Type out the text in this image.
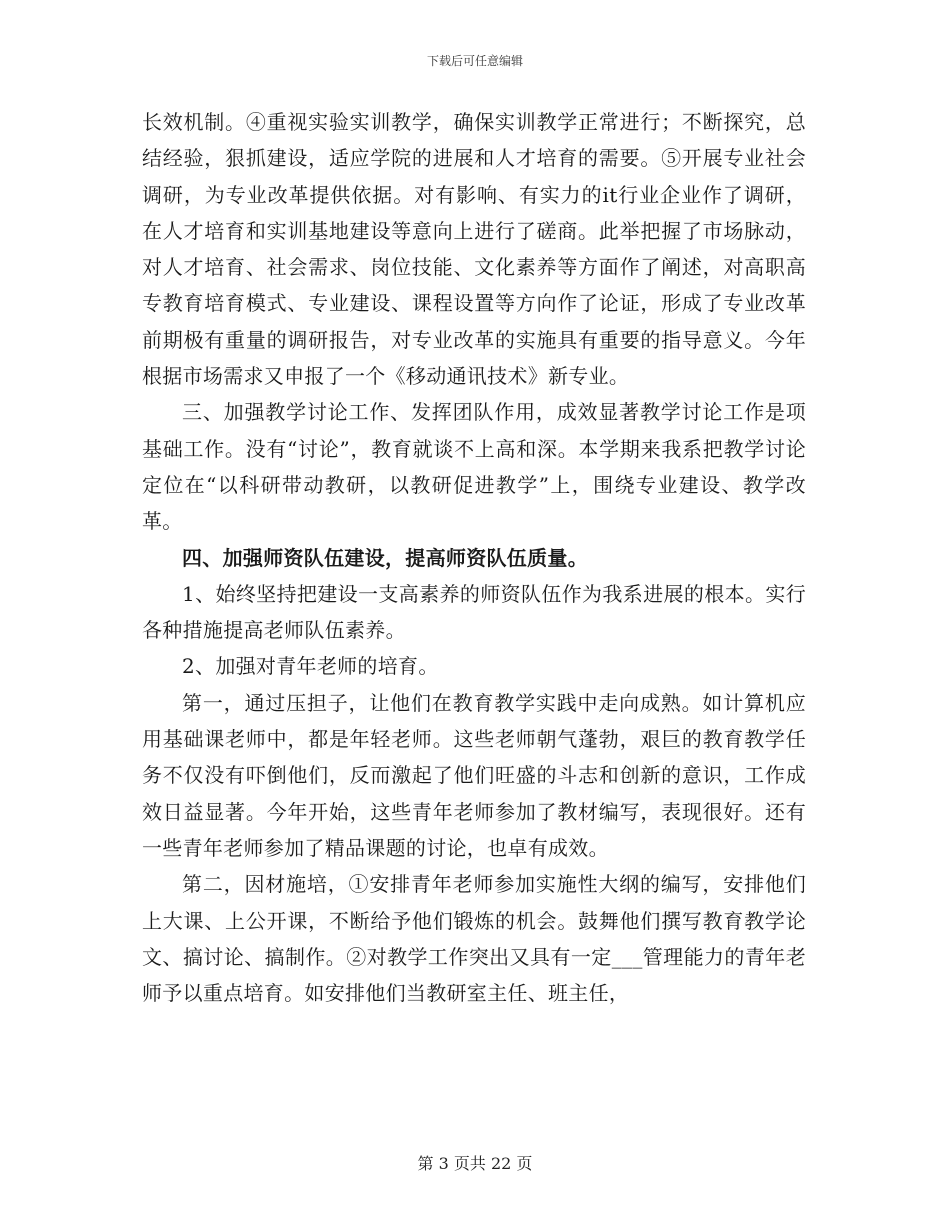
下载后可任意编辑

长效机制。④重视实验实训教学，确保实训教学正常进行；不断探究，总结经验，狠抓建设，适应学院的进展和人才培育的需要。⑤开展专业社会调研，为专业改革提供依据。对有影响、有实力的it行业企业作了调研，在人才培育和实训基地建设等意向上进行了磋商。此举把握了市场脉动，对人才培育、社会需求、岗位技能、文化素养等方面作了阐述，对高职高专教育培育模式、专业建设、课程设置等方向作了论证，形成了专业改革前期极有重量的调研报告，对专业改革的实施具有重要的指导意义。今年根据市场需求又申报了一个《移动通讯技术》新专业。

三、加强教学讨论工作、发挥团队作用，成效显著教学讨论工作是项基础工作。没有“讨论”，教育就谈不上高和深。本学期来我系把教学讨论定位在“以科研带动教研，以教研促进教学”上，围绕专业建设、教学改革。

四、加强师资队伍建设，提高师资队伍质量。

1、始终坚持把建设一支高素养的师资队伍作为我系进展的根本。实行各种措施提高老师队伍素养。

2、加强对青年老师的培育。

第一，通过压担子，让他们在教育教学实践中走向成熟。如计算机应用基础课老师中，都是年轻老师。这些老师朝气蓬勃，艰巨的教育教学任务不仅没有吓倒他们，反而激起了他们旺盛的斗志和创新的意识，工作成效日益显著。今年开始，这些青年老师参加了教材编写，表现很好。还有一些青年老师参加了精品课题的讨论，也卓有成效。

第二，因材施培，①安排青年老师参加实施性大纲的编写，安排他们上大课、上公开课，不断给予他们锻炼的机会。鼓舞他们撰写教育教学论文、搞讨论、搞制作。②对教学工作突出又具有一定___管理能力的青年老师予以重点培育。如安排他们当教研室主任、班主任，

第 3 页共 22 页
